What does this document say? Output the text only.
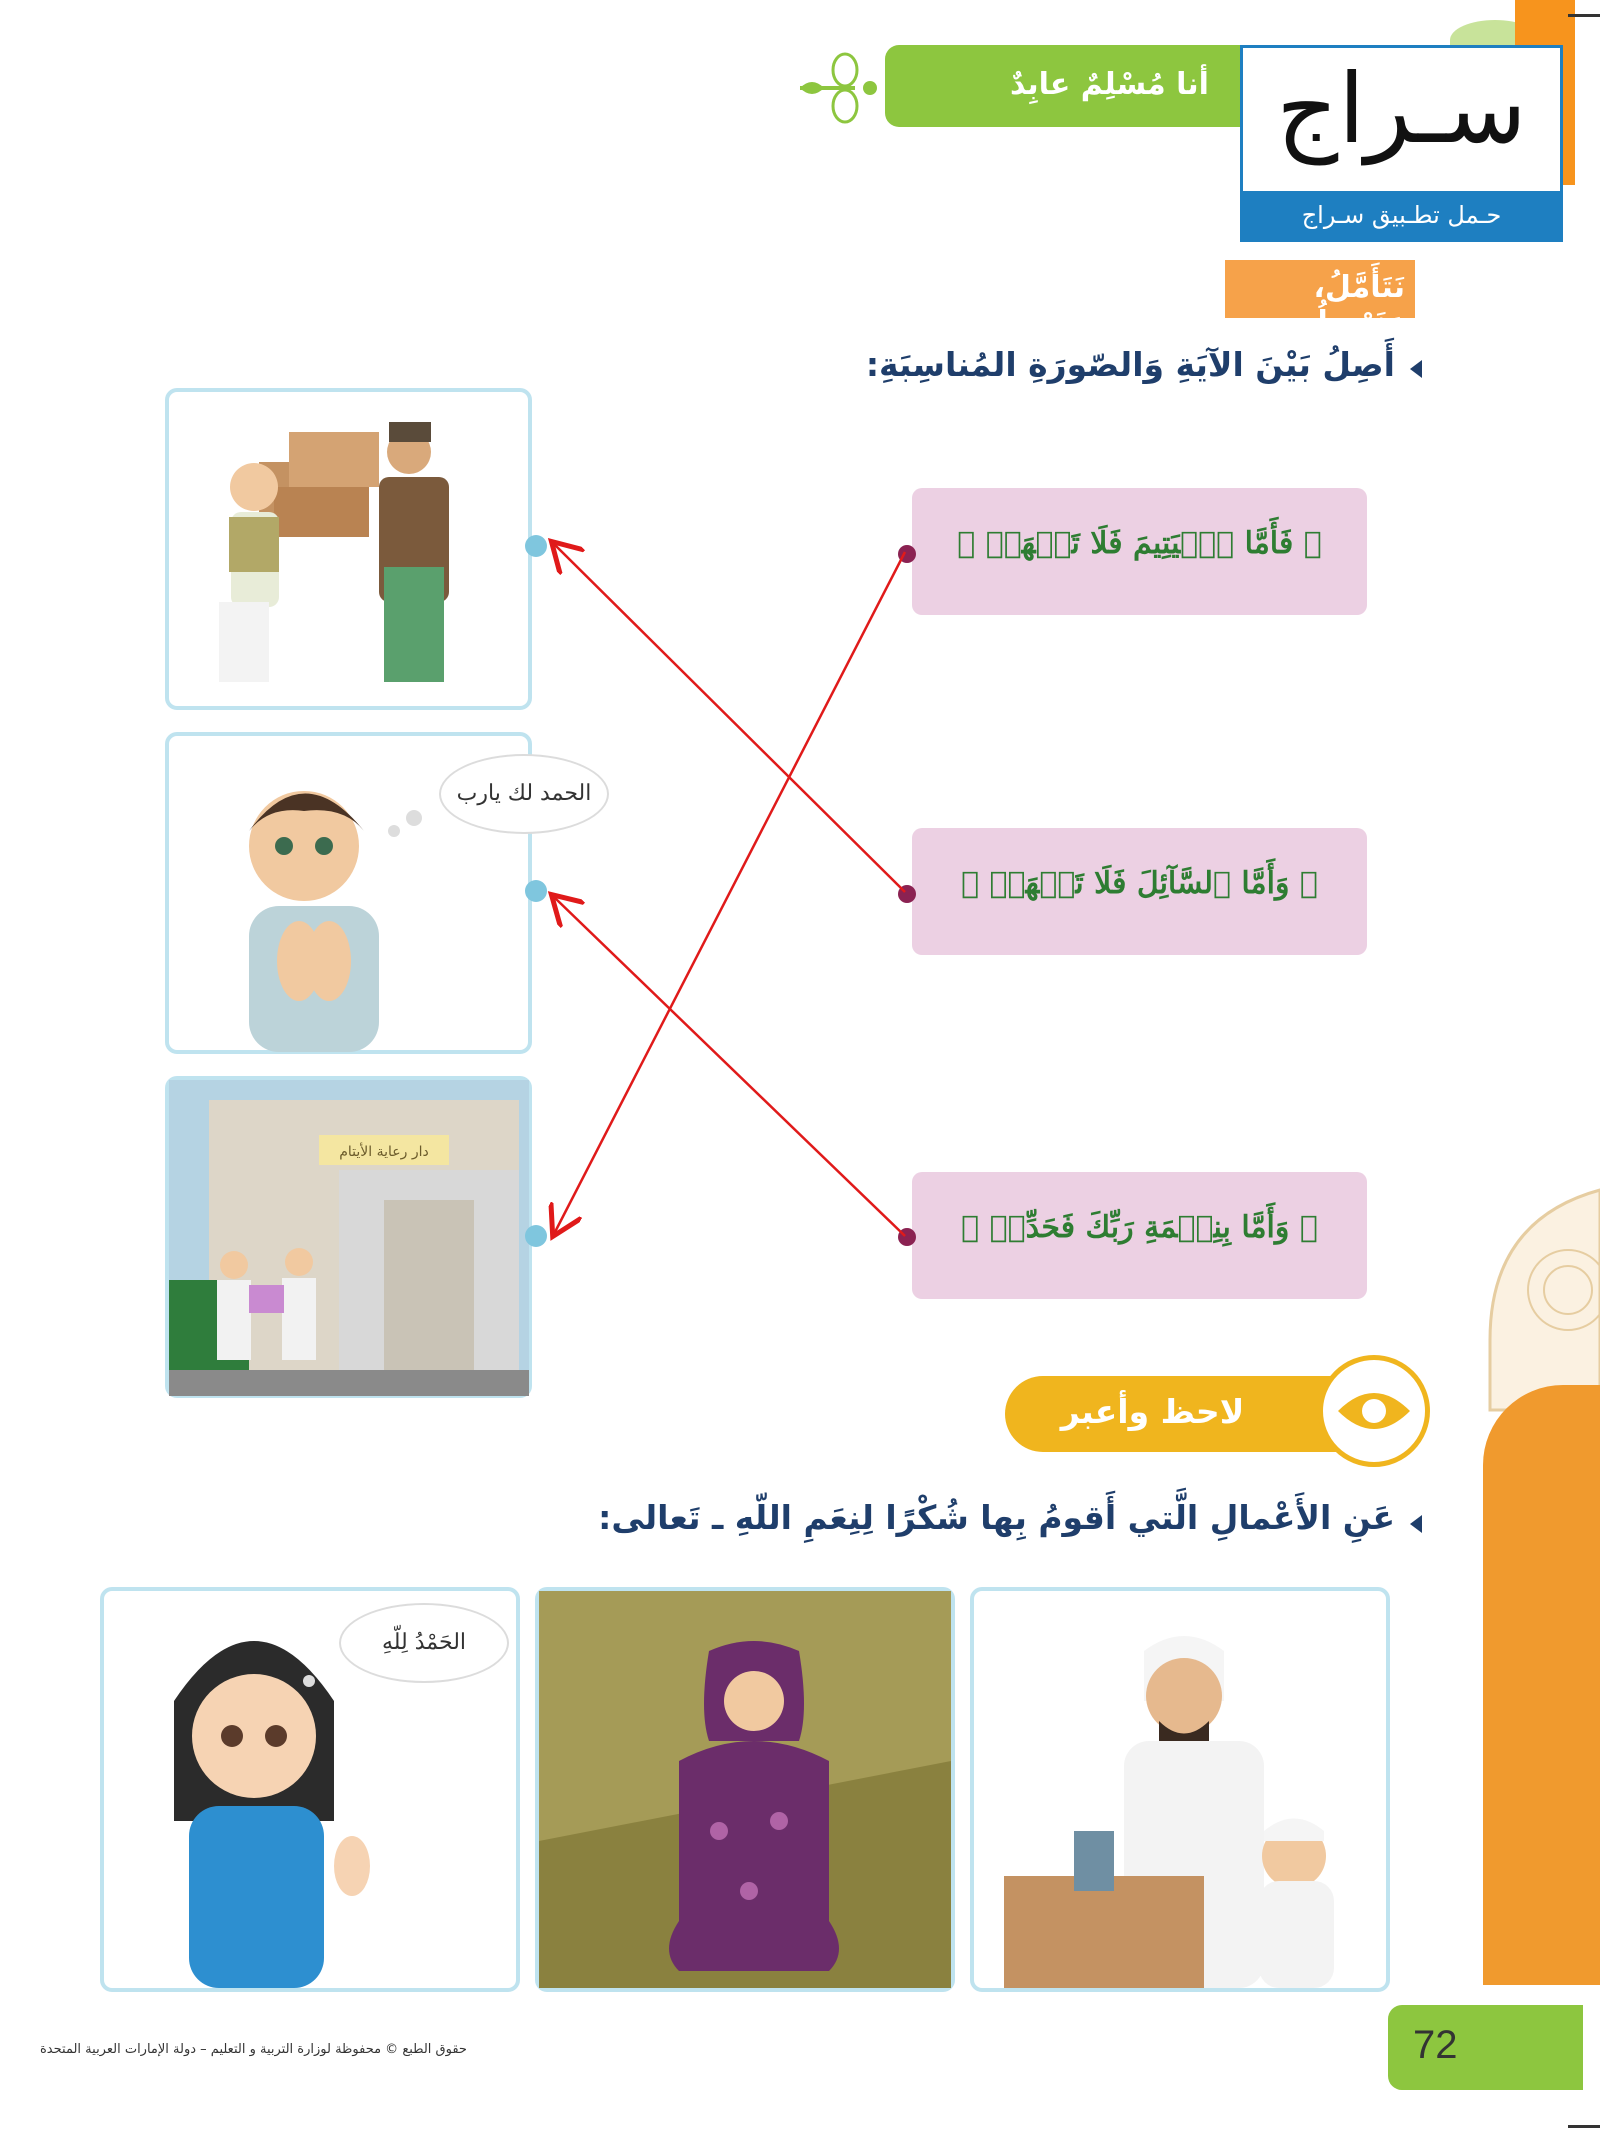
أنا مُسْلِمٌ عابِدٌ سـراج
حـمل تطـبيق سـراج
نَتَأَمَّلُ، وَنَرْبِطُ
أَصِلُ بَيْنَ الآيَةِ وَالصّورَةِ المُناسِبَةِ:
الحمد لك يارب
دار رعاية الأيتام
﴿ فَأَمَّا ٱلۡيَتِيمَ فَلَا تَقۡهَرۡ ﴾
﴿ وَأَمَّا ٱلسَّآئِلَ فَلَا تَنۡهَرۡ ﴾
﴿ وَأَمَّا بِنِعۡمَةِ رَبِّكَ فَحَدِّثۡ ﴾
لاحظ وأعبر
عَنِ الأَعْمالِ الَّتي أَقومُ بِها شُكْرًا لِنِعَمِ اللّهِ ـ تَعالى:
الحَمْدُ لِلّهِ
حقوق الطبع © محفوظة لوزارة التربية و التعليم – دولة الإمارات العربية المتحدة	72
